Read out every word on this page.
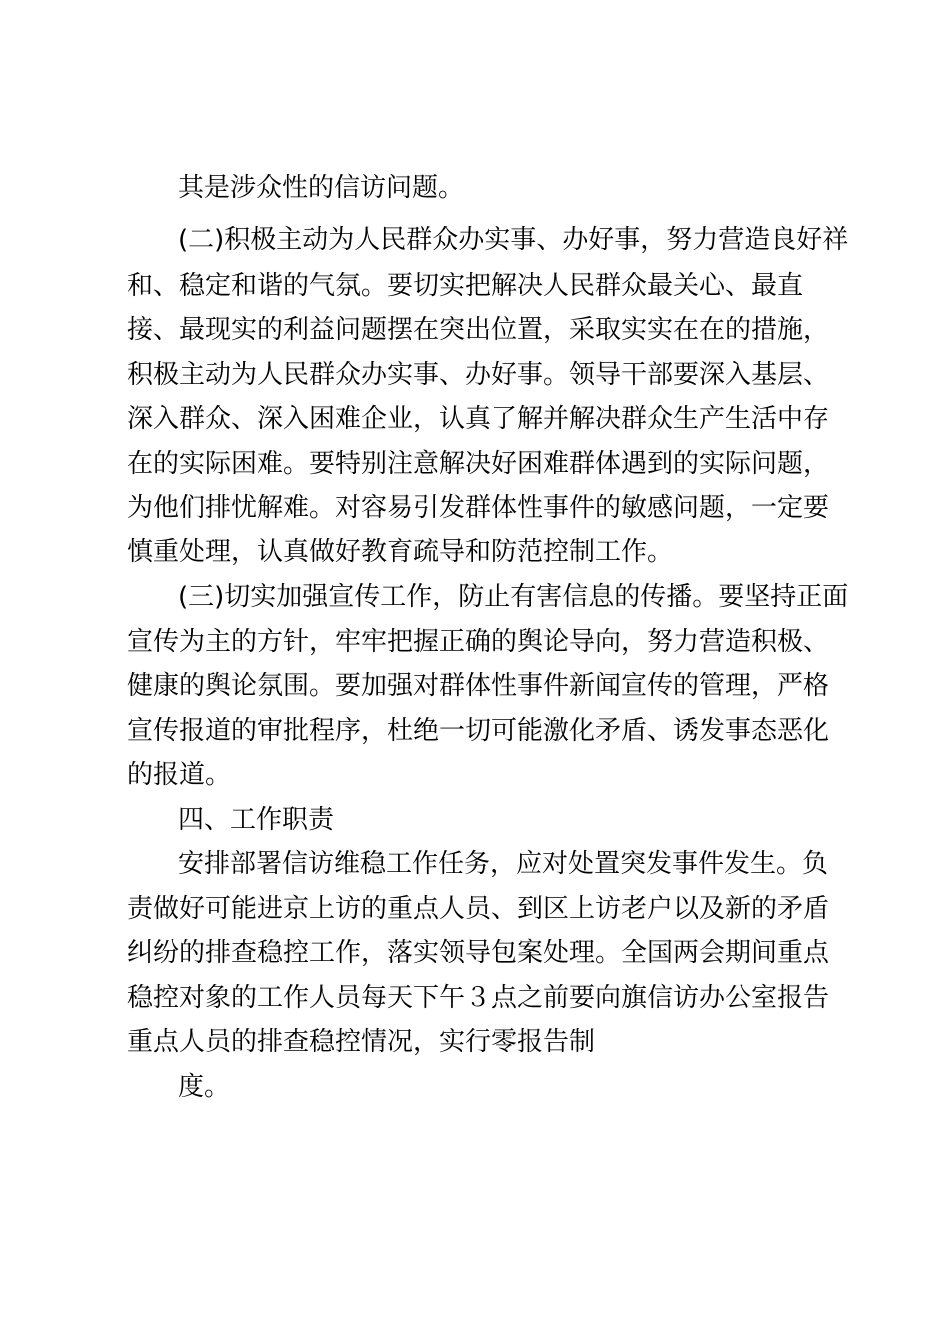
其是涉众性的信访问题。
(二)积极主动为人民群众办实事、办好事，努力营造良好祥
和、稳定和谐的气氛。要切实把解决人民群众最关心、最直
接、最现实的利益问题摆在突出位置，采取实实在在的措施，
积极主动为人民群众办实事、办好事。领导干部要深入基层、
深入群众、深入困难企业，认真了解并解决群众生产生活中存
在的实际困难。要特别注意解决好困难群体遇到的实际问题，
为他们排忧解难。对容易引发群体性事件的敏感问题，一定要
慎重处理，认真做好教育疏导和防范控制工作。
(三)切实加强宣传工作，防止有害信息的传播。要坚持正面
宣传为主的方针，牢牢把握正确的舆论导向，努力营造积极、
健康的舆论氛围。要加强对群体性事件新闻宣传的管理，严格
宣传报道的审批程序，杜绝一切可能激化矛盾、诱发事态恶化
的报道。
四、工作职责
安排部署信访维稳工作任务，应对处置突发事件发生。负
责做好可能进京上访的重点人员、到区上访老户以及新的矛盾
纠纷的排查稳控工作，落实领导包案处理。全国两会期间重点
稳控对象的工作人员每天下午３点之前要向旗信访办公室报告
重点人员的排查稳控情况，实行零报告制
度。
